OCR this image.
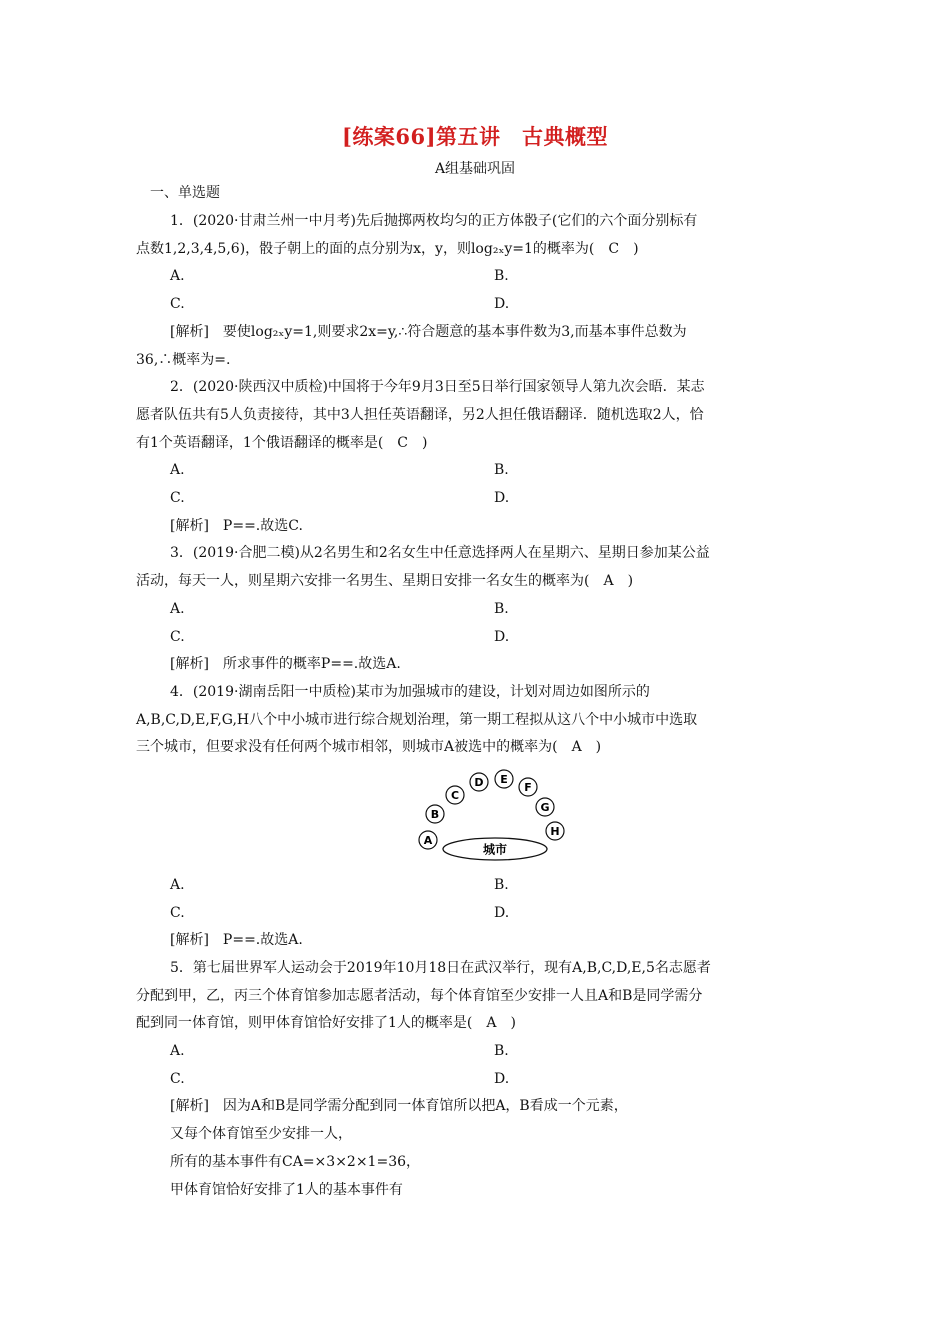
[练案66]第五讲　古典概型
A组基础巩固
一、单选题
1．(2020·甘肃兰州一中月考)先后抛掷两枚均匀的正方体骰子(它们的六个面分别标有
点数1,2,3,4,5,6)，骰子朝上的面的点分别为x，y，则log₂ₓy=1的概率为(　C　)
A.	B.
C.	D.
[解析]　要使log₂ₓy=1,则要求2x=y,∴符合题意的基本事件数为3,而基本事件总数为
36,∴概率为=.
2．(2020·陕西汉中质检)中国将于今年9月3日至5日举行国家领导人第九次会晤．某志
愿者队伍共有5人负责接待，其中3人担任英语翻译，另2人担任俄语翻译．随机选取2人，恰
有1个英语翻译，1个俄语翻译的概率是(　C　)
A.	B.
C.	D.
[解析]　P==.故选C.
3．(2019·合肥二模)从2名男生和2名女生中任意选择两人在星期六、星期日参加某公益
活动，每天一人，则星期六安排一名男生、星期日安排一名女生的概率为(　A　)
A.	B.
C.	D.
[解析]　所求事件的概率P==.故选A.
4．(2019·湖南岳阳一中质检)某市为加强城市的建设，计划对周边如图所示的
A,B,C,D,E,F,G,H八个中小城市进行综合规划治理，第一期工程拟从这八个中小城市中选取
三个城市，但要求没有任何两个城市相邻，则城市A被选中的概率为(　A　)
城市
A
B
C
D E
F
G
H
A.	B.
C.	D.
[解析]　P==.故选A.
5．第七届世界军人运动会于2019年10月18日在武汉举行，现有A,B,C,D,E,5名志愿者
分配到甲，乙，丙三个体育馆参加志愿者活动，每个体育馆至少安排一人且A和B是同学需分
配到同一体育馆，则甲体育馆恰好安排了1人的概率是(　A　)
A.	B.
C.	D.
[解析]　因为A和B是同学需分配到同一体育馆所以把A，B看成一个元素，
又每个体育馆至少安排一人，
所有的基本事件有CA=×3×2×1=36，
甲体育馆恰好安排了1人的基本事件有
